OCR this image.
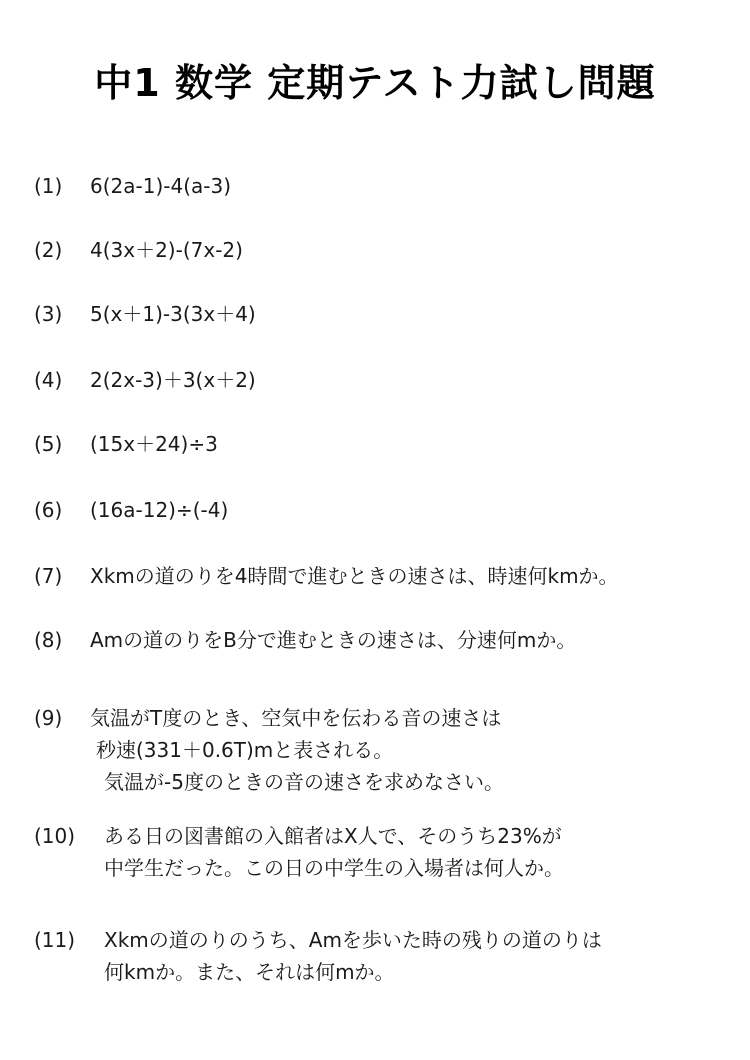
中1 数学 定期テスト力試し問題
(1) 6(2a-1)-4(a-3)
(2) 4(3x＋2)-(7x-2)
(3) 5(x＋1)-3(3x＋4)
(4) 2(2x-3)＋3(x＋2)
(5) (15x＋24)÷3
(6) (16a-12)÷(-4)
(7) Xkmの道のりを4時間で進むときの速さは、時速何kmか。
(8) Amの道のりをB分で進むときの速さは、分速何mか。
(9) 気温がT度のとき、空気中を伝わる音の速さは
秒速(331＋0.6T)mと表される。
気温が-5度のときの音の速さを求めなさい。
(10) ある日の図書館の入館者はX人で、そのうち23%が
中学生だった。この日の中学生の入場者は何人か。
(11) Xkmの道のりのうち、Amを歩いた時の残りの道のりは
何kmか。また、それは何mか。
